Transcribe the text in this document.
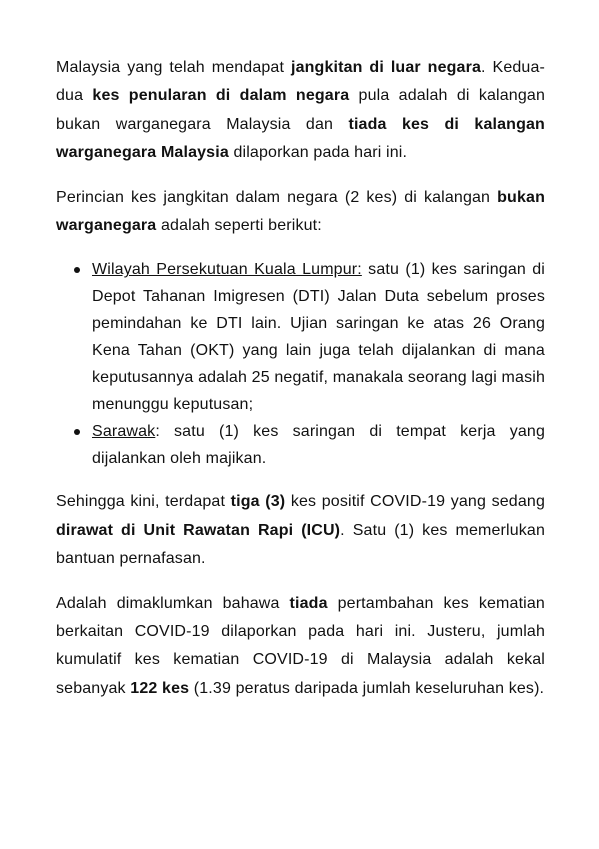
Malaysia yang telah mendapat jangkitan di luar negara. Kedua-dua kes penularan di dalam negara pula adalah di kalangan bukan warganegara Malaysia dan tiada kes di kalangan warganegara Malaysia dilaporkan pada hari ini.

Perincian kes jangkitan dalam negara (2 kes) di kalangan bukan warganegara adalah seperti berikut:

Wilayah Persekutuan Kuala Lumpur: satu (1) kes saringan di Depot Tahanan Imigresen (DTI) Jalan Duta sebelum proses pemindahan ke DTI lain. Ujian saringan ke atas 26 Orang Kena Tahan (OKT) yang lain juga telah dijalankan di mana keputusannya adalah 25 negatif, manakala seorang lagi masih menunggu keputusan;
Sarawak: satu (1) kes saringan di tempat kerja yang dijalankan oleh majikan.

Sehingga kini, terdapat tiga (3) kes positif COVID-19 yang sedang dirawat di Unit Rawatan Rapi (ICU). Satu (1) kes memerlukan bantuan pernafasan.

Adalah dimaklumkan bahawa tiada pertambahan kes kematian berkaitan COVID-19 dilaporkan pada hari ini. Justeru, jumlah kumulatif kes kematian COVID-19 di Malaysia adalah kekal sebanyak 122 kes (1.39 peratus daripada jumlah keseluruhan kes).
